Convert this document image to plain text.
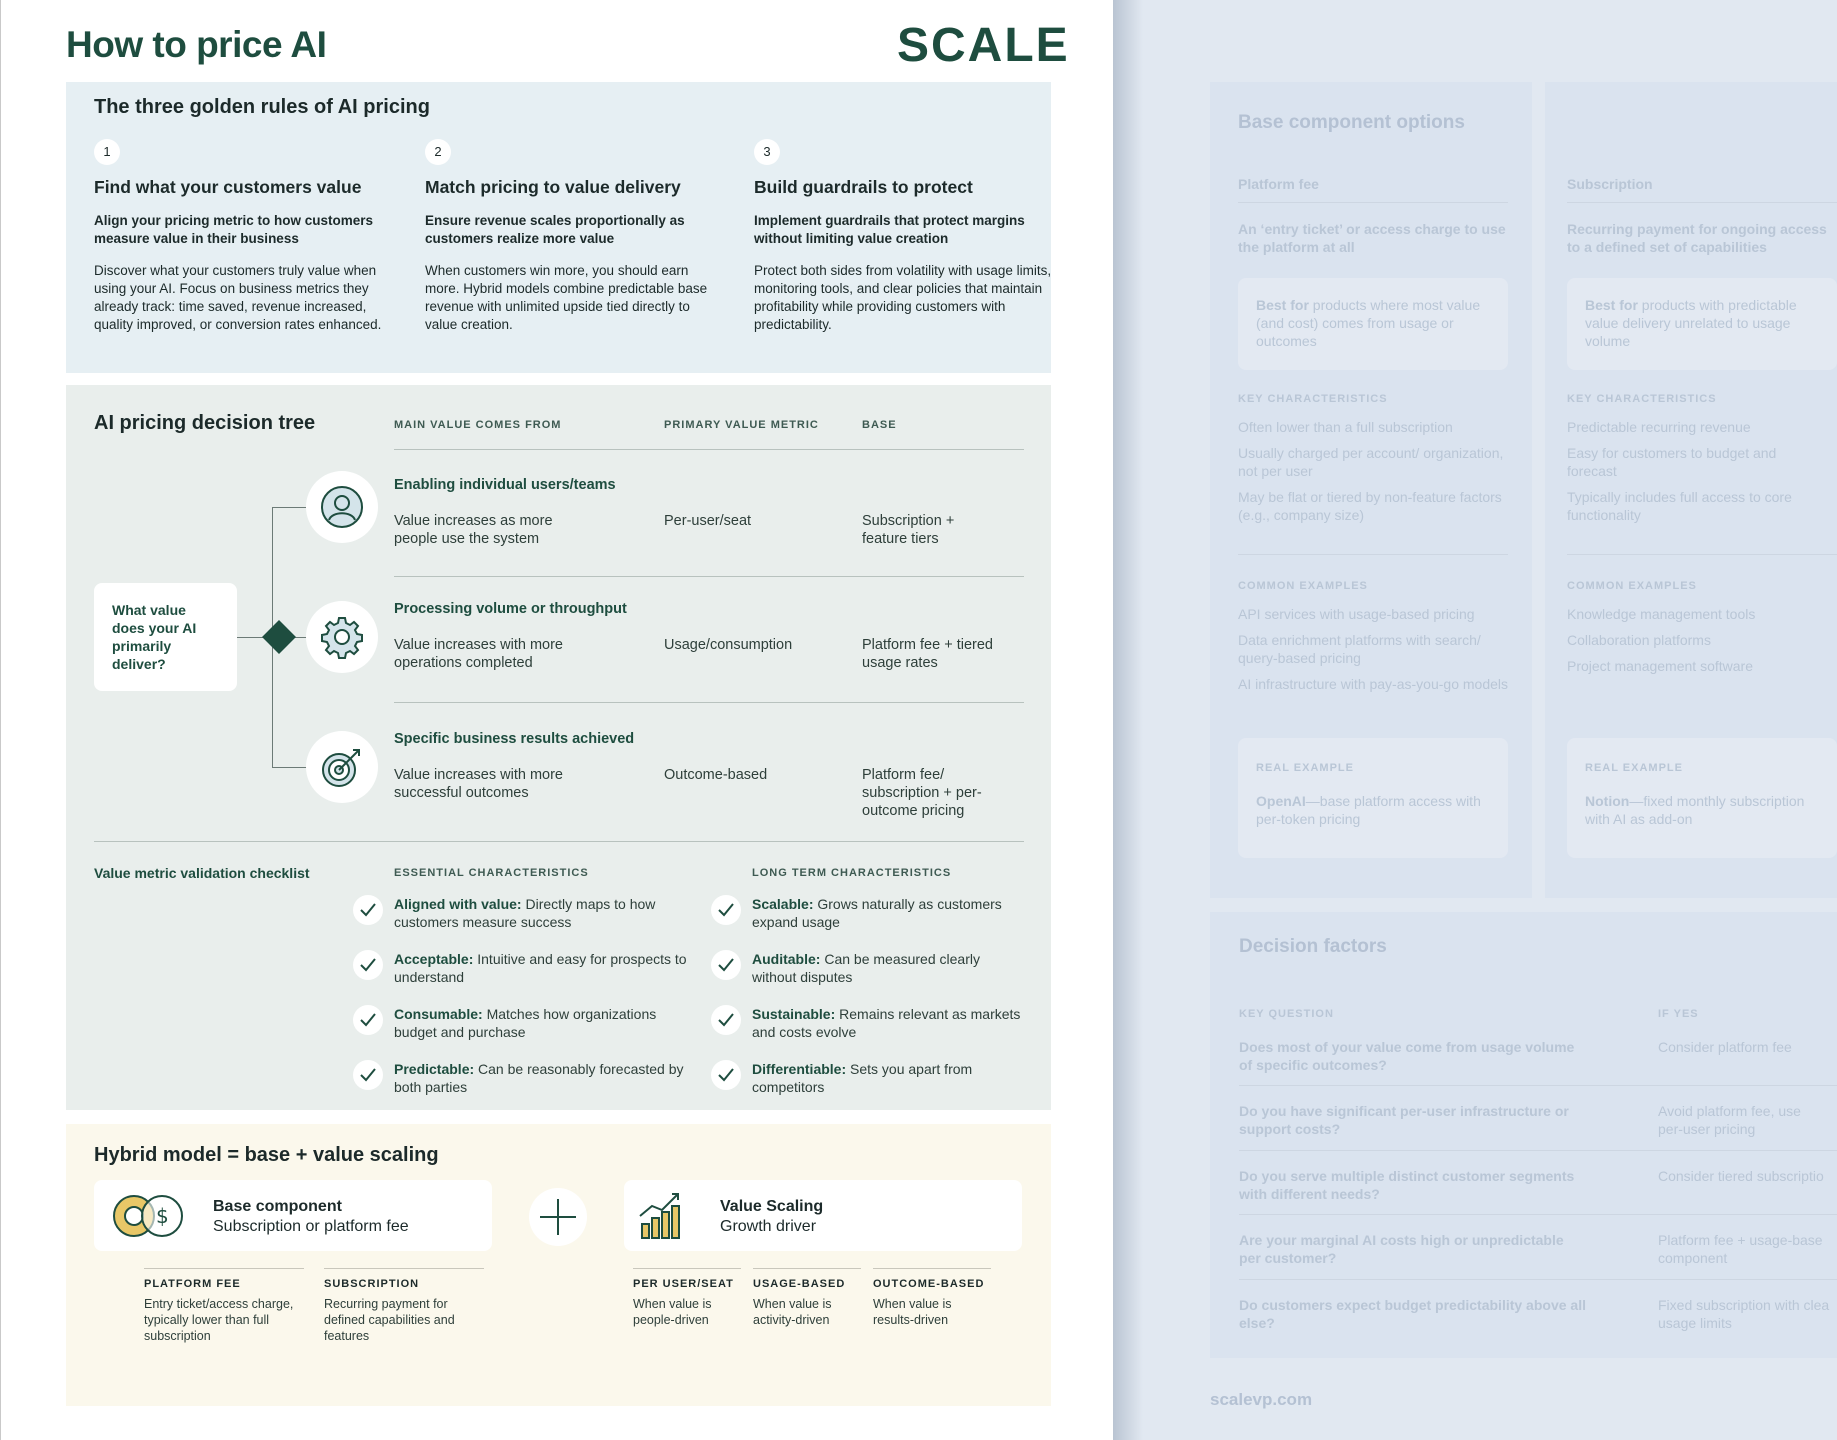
How to price AI	SCALE
The three golden rules of AI pricing
1
Find what your customers value
Align your pricing metric to how customers measure value in their business
Discover what your customers truly value when using your AI. Focus on business metrics they already track: time saved, revenue increased, quality improved, or conversion rates enhanced.
2
Match pricing to value delivery
Ensure revenue scales proportionally as customers realize more value
When customers win more, you should earn more. Hybrid models combine predictable base revenue with unlimited upside tied directly to value creation.
3
Build guardrails to protect
Implement guardrails that protect margins without limiting value creation
Protect both sides from volatility with usage limits, monitoring tools, and clear policies that maintain profitability while providing customers with predictability.
AI pricing decision tree	MAIN VALUE COMES FROM	PRIMARY VALUE METRIC	BASE
What value does your AI primarily deliver?
Enabling individual users/teams
Value increases as more people use the system
Per-user/seat	Subscription + feature tiers
Processing volume or throughput
Value increases with more operations completed
Usage/consumption	Platform fee + tiered usage rates
Specific business results achieved
Value increases with more successful outcomes
Outcome-based	Platform fee/ subscription + per-outcome pricing
Value metric validation checklist	ESSENTIAL CHARACTERISTICS	LONG TERM CHARACTERISTICS
Aligned with value: Directly maps to how customers measure success
Acceptable: Intuitive and easy for prospects to understand
Consumable: Matches how organizations budget and purchase
Predictable: Can be reasonably forecasted by both parties
Scalable: Grows naturally as customers expand usage
Auditable: Can be measured clearly without disputes
Sustainable: Remains relevant as markets and costs evolve
Differentiable: Sets you apart from competitors
Hybrid model = base + value scaling
$	Base component
Subscription or platform fee
Value Scaling
Growth driver
PLATFORM FEE
Entry ticket/access charge, typically lower than full subscription
SUBSCRIPTION
Recurring payment for defined capabilities and features
PER USER/SEAT
When value is people-driven
USAGE-BASED
When value is activity-driven
OUTCOME-BASED
When value is results-driven
Base component options
Platform fee
An ‘entry ticket’ or access charge to use the platform at all
Best for products where most value (and cost) comes from usage or outcomes
KEY CHARACTERISTICS
Often lower than a full subscription
Usually charged per account/ organization, not per user
May be flat or tiered by non-feature factors (e.g., company size)
COMMON EXAMPLES
API services with usage-based pricing
Data enrichment platforms with search/ query-based pricing
AI infrastructure with pay-as-you-go models
REAL EXAMPLE
OpenAI—base platform access with per-token pricing
Subscription
Recurring payment for ongoing access to a defined set of capabilities
Best for products with predictable value delivery unrelated to usage volume
KEY CHARACTERISTICS
Predictable recurring revenue
Easy for customers to budget and forecast
Typically includes full access to core functionality
COMMON EXAMPLES
Knowledge management tools
Collaboration platforms
Project management software
REAL EXAMPLE
Notion—fixed monthly subscription with AI as add-on
Decision factors
KEY QUESTION	IF YES
Does most of your value come from usage volume of specific outcomes?
Consider platform fee
Do you have significant per-user infrastructure or support costs?
Avoid platform fee, use per-user pricing
Do you serve multiple distinct customer segments with different needs?
Consider tiered subscriptio
Are your marginal AI costs high or unpredictable per customer?
Platform fee + usage-base component
Do customers expect budget predictability above all else?
Fixed subscription with clea usage limits
scalevp.com
